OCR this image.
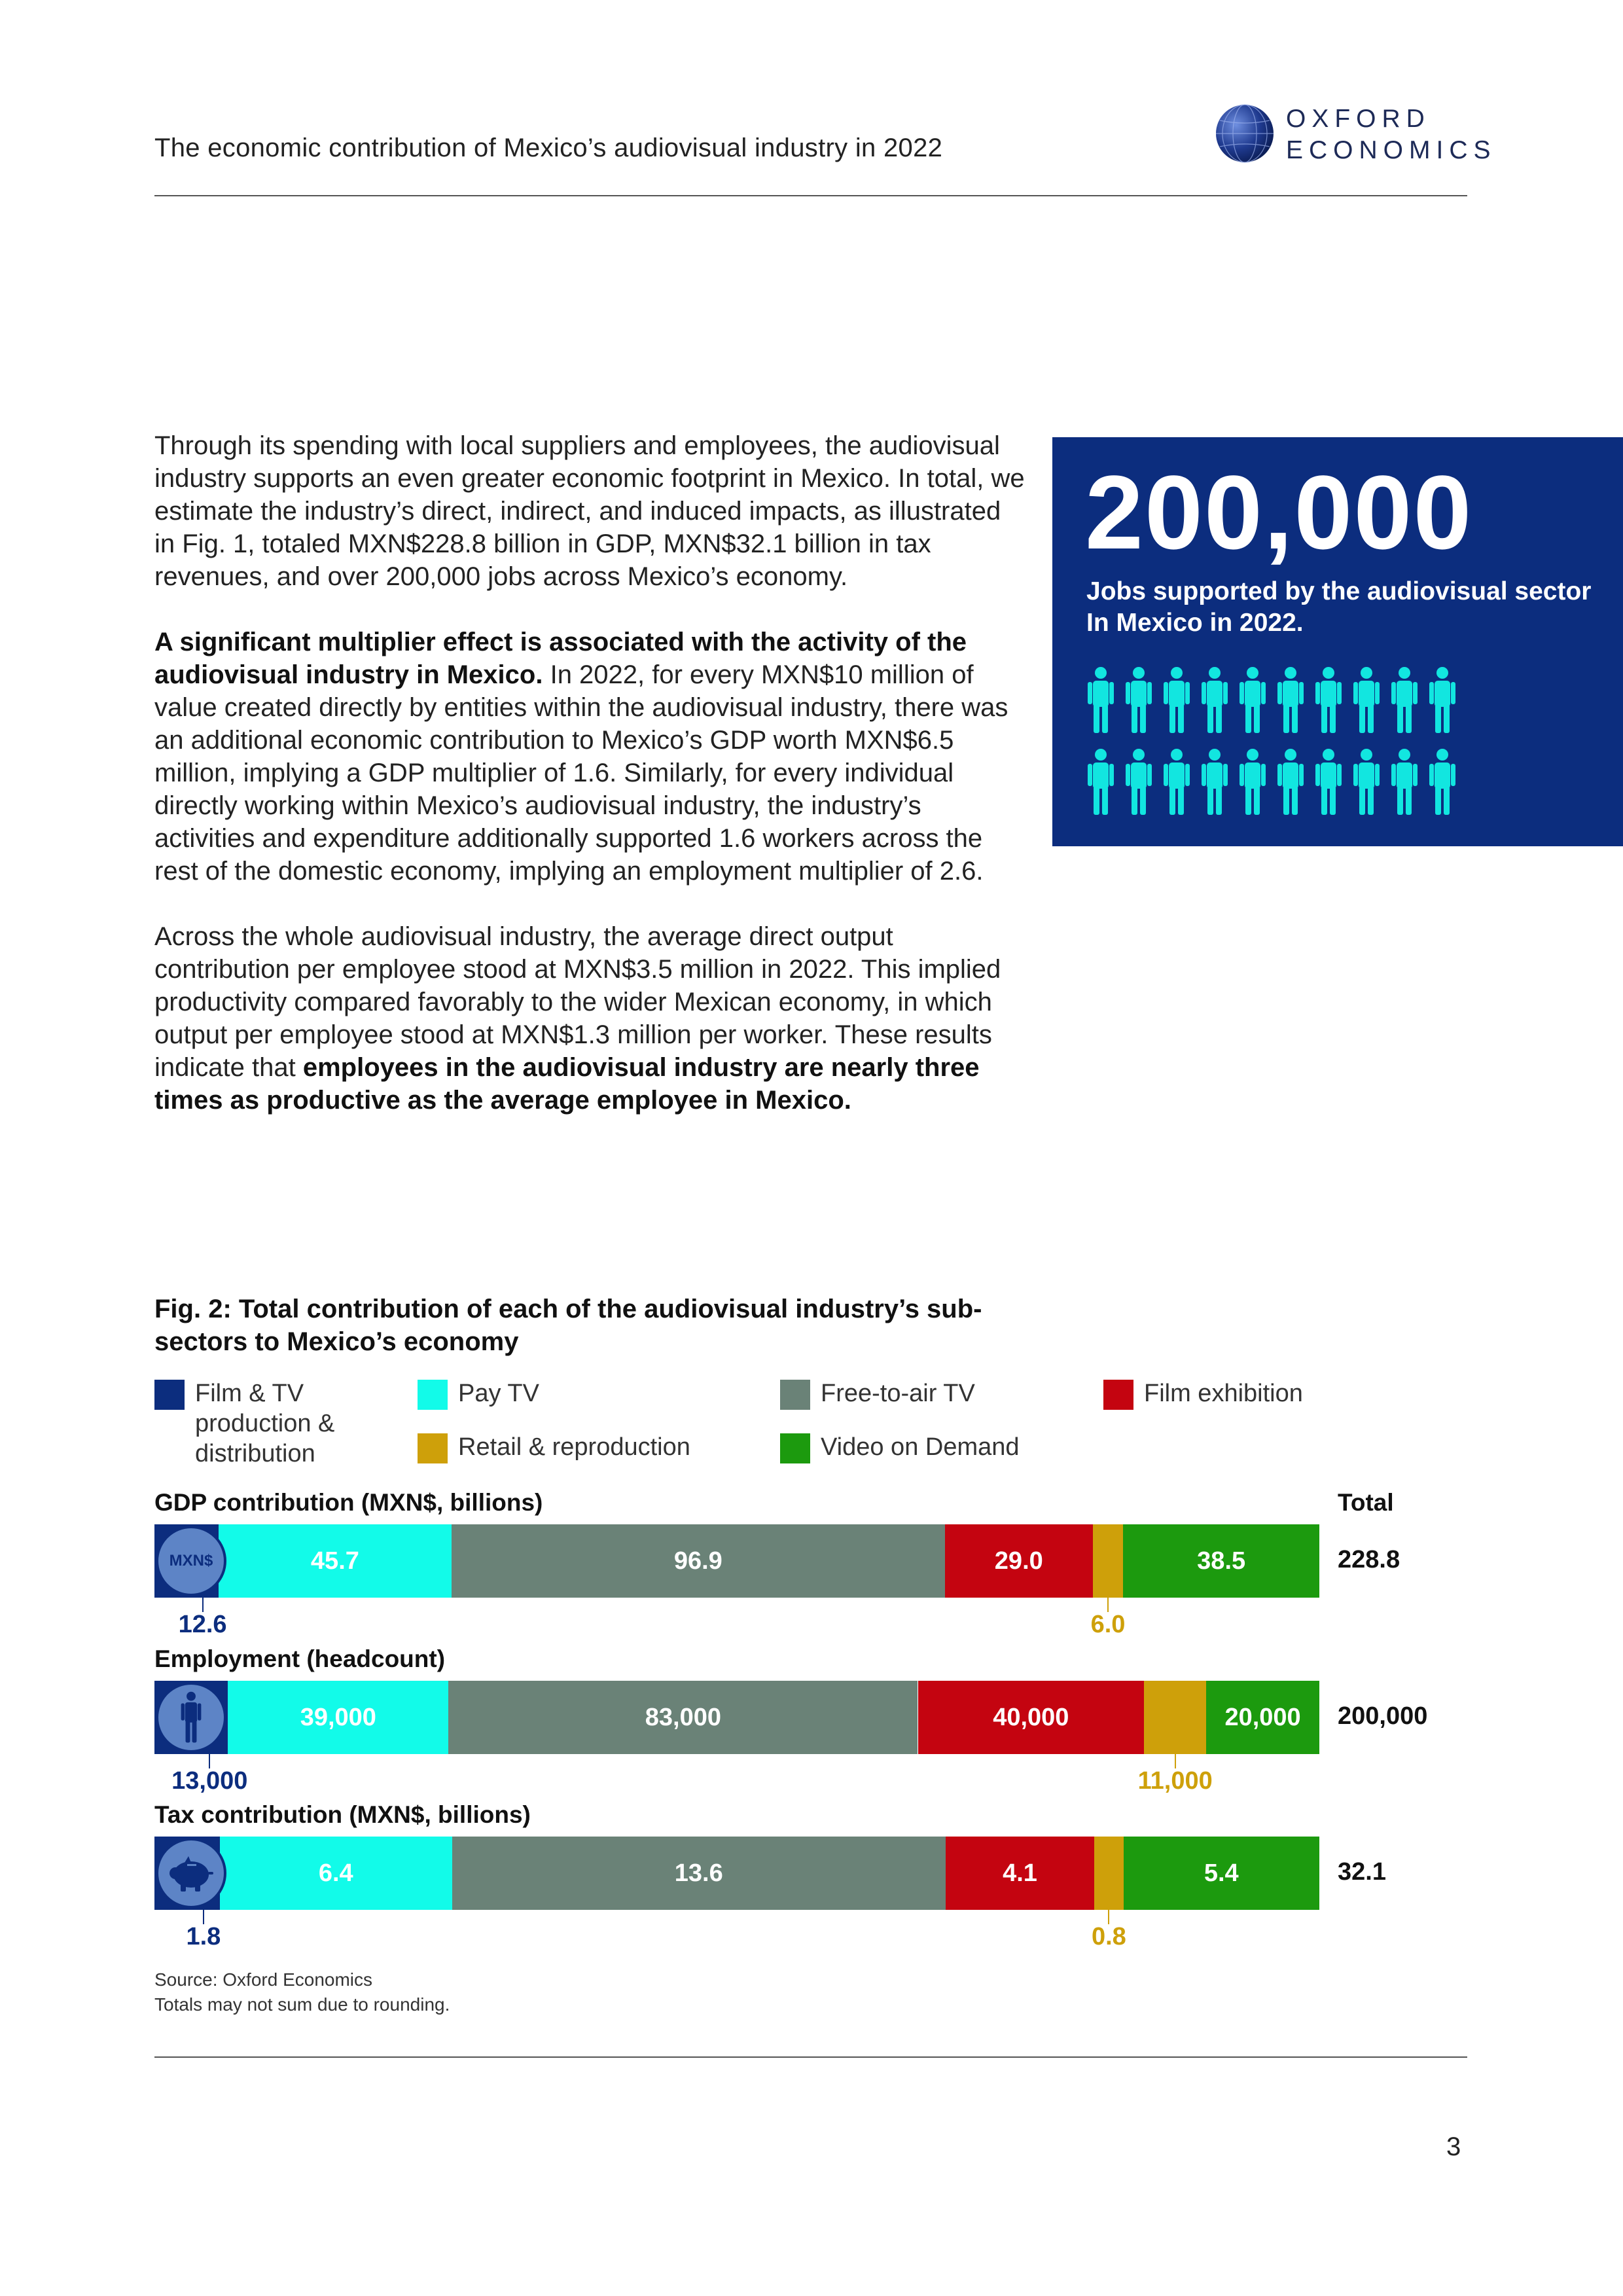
The economic contribution of Mexico’s audiovisual industry in 2022
OXFORD
ECONOMICS

Through its spending with local suppliers and employees, the audiovisual industry supports an even greater economic footprint in Mexico. In total, we estimate the industry’s direct, indirect, and induced impacts, as illustrated in Fig. 1, totaled MXN$228.8 billion in GDP, MXN$32.1 billion in tax revenues, and over 200,000 jobs across Mexico’s economy.

A significant multiplier effect is associated with the activity of the audiovisual industry in Mexico. In 2022, for every MXN$10 million of value created directly by entities within the audiovisual industry, there was an additional economic contribution to Mexico’s GDP worth MXN$6.5 million, implying a GDP multiplier of 1.6. Similarly, for every individual directly working within Mexico’s audiovisual industry, the industry’s activities and expenditure additionally supported 1.6 workers across the rest of the domestic economy, implying an employment multiplier of 2.6.

Across the whole audiovisual industry, the average direct output contribution per employee stood at MXN$3.5 million in 2022. This implied productivity compared favorably to the wider Mexican economy, in which output per employee stood at MXN$1.3 million per worker. These results indicate that employees in the audiovisual industry are nearly three times as productive as the average employee in Mexico.

200,000
Jobs supported by the audiovisual sector In Mexico in 2022.
Fig. 2: Total contribution of each of the audiovisual industry’s sub-sectors to Mexico’s economy
Film & TV production & distribution
Pay TV	Free-to-air TV	Film exhibition
Retail & reproduction	Video on Demand
Total
GDP contribution (MXN$, billions)
12.6
45.7	96.9	29.0
6.0
38.5
MXN$	228.8
Employment (headcount)
13,000
39,000	83,000	40,000
11,000
20,000 200,000
Tax contribution (MXN$, billions)
1.8
6.4	13.6	4.1
0.8
5.4	32.1
Source: Oxford Economics
Totals may not sum due to rounding.
3
